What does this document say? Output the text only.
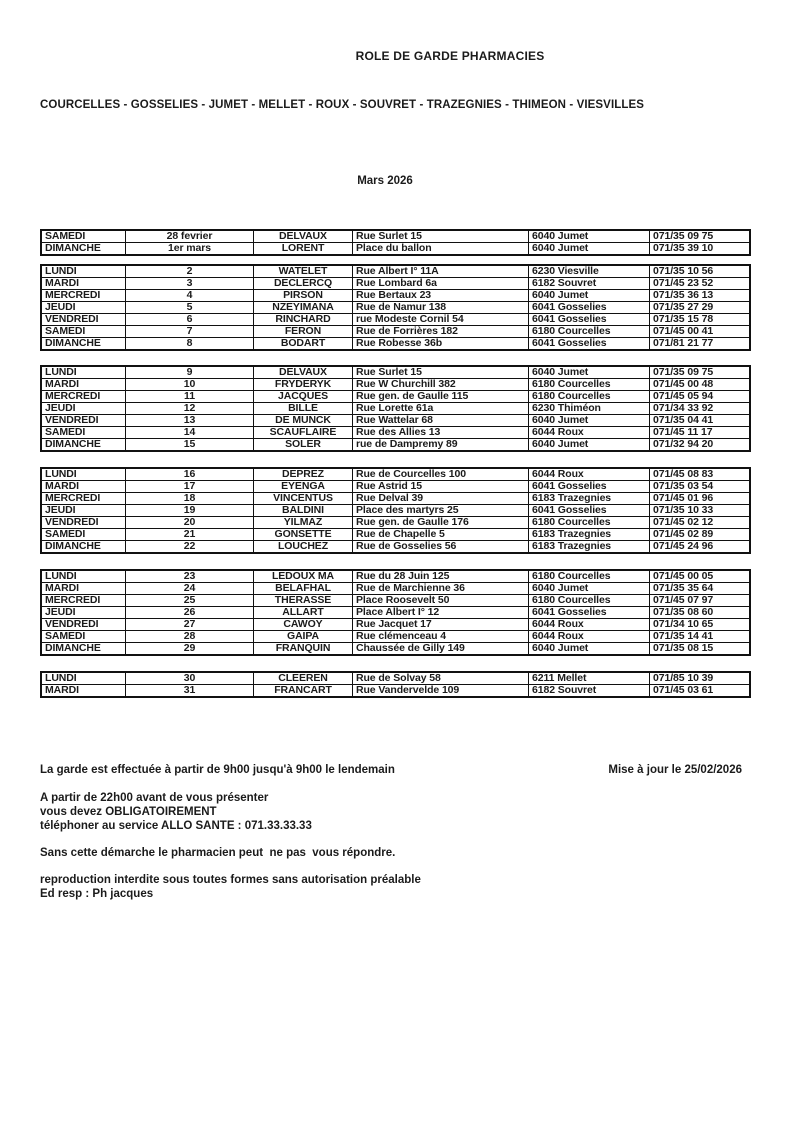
ROLE DE GARDE PHARMACIES
COURCELLES - GOSSELIES - JUMET - MELLET - ROUX - SOUVRET - TRAZEGNIES - THIMEON - VIESVILLES
Mars 2026
SAMEDI	28 fevrier	DELVAUX	Rue Surlet 15	6040 Jumet	071/35 09 75
DIMANCHE	1er mars	LORENT	Place du ballon	6040 Jumet	071/35 39 10
LUNDI	2	WATELET	Rue Albert I° 11A	6230 Viesville	071/35 10 56
MARDI	3	DECLERCQ	Rue Lombard 6a	6182 Souvret	071/45 23 52
MERCREDI	4	PIRSON	Rue Bertaux 23	6040 Jumet	071/35 36 13
JEUDI	5	NZEYIMANA	Rue de Namur 138	6041 Gosselies	071/35 27 29
VENDREDI	6	RINCHARD	rue Modeste Cornil 54	6041 Gosselies	071/35 15 78
SAMEDI	7	FERON	Rue de Forrières 182	6180 Courcelles	071/45 00 41
DIMANCHE	8	BODART	Rue Robesse 36b	6041 Gosselies	071/81 21 77
LUNDI	9	DELVAUX	Rue Surlet 15	6040 Jumet	071/35 09 75
MARDI	10	FRYDERYK	Rue W Churchill 382	6180 Courcelles	071/45 00 48
MERCREDI	11	JACQUES	Rue gen. de Gaulle 115	6180 Courcelles	071/45 05 94
JEUDI	12	BILLE	Rue Lorette 61a	6230 Thiméon	071/34 33 92
VENDREDI	13	DE MUNCK	Rue Wattelar 68	6040 Jumet	071/35 04 41
SAMEDI	14	SCAUFLAIRE	Rue des Allies 13	6044 Roux	071/45 11 17
DIMANCHE	15	SOLER	rue de Dampremy 89	6040 Jumet	071/32 94 20
LUNDI	16	DEPREZ	Rue de Courcelles 100	6044 Roux	071/45 08 83
MARDI	17	EYENGA	Rue Astrid 15	6041 Gosselies	071/35 03 54
MERCREDI	18	VINCENTUS	Rue Delval 39	6183 Trazegnies	071/45 01 96
JEUDI	19	BALDINI	Place des martyrs 25	6041 Gosselies	071/35 10 33
VENDREDI	20	YILMAZ	Rue gen. de Gaulle 176	6180 Courcelles	071/45 02 12
SAMEDI	21	GONSETTE	Rue de Chapelle 5	6183 Trazegnies	071/45 02 89
DIMANCHE	22	LOUCHEZ	Rue de Gosselies 56	6183 Trazegnies	071/45 24 96
LUNDI	23	LEDOUX MA	Rue du 28 Juin 125	6180 Courcelles	071/45 00 05
MARDI	24	BELAFHAL	Rue de Marchienne 36	6040 Jumet	071/35 35 64
MERCREDI	25	THERASSE	Place Roosevelt 50	6180 Courcelles	071/45 07 97
JEUDI	26	ALLART	Place Albert I° 12	6041 Gosselies	071/35 08 60
VENDREDI	27	CAWOY	Rue Jacquet 17	6044 Roux	071/34 10 65
SAMEDI	28	GAIPA	Rue clémenceau 4	6044 Roux	071/35 14 41
DIMANCHE	29	FRANQUIN	Chaussée de Gilly 149	6040 Jumet	071/35 08 15
LUNDI	30	CLEEREN	Rue de Solvay 58	6211 Mellet	071/85 10 39
MARDI	31	FRANCART	Rue Vandervelde 109	6182 Souvret	071/45 03 61
La garde est effectuée à partir de 9h00 jusqu'à 9h00 le lendemain	Mise à jour le 25/02/2026
A partir de 22h00 avant de vous présenter
vous devez OBLIGATOIREMENT
téléphoner au service ALLO SANTE : 071.33.33.33
Sans cette démarche le pharmacien peut  ne pas  vous répondre.
reproduction interdite sous toutes formes sans autorisation préalable
Ed resp : Ph jacques
